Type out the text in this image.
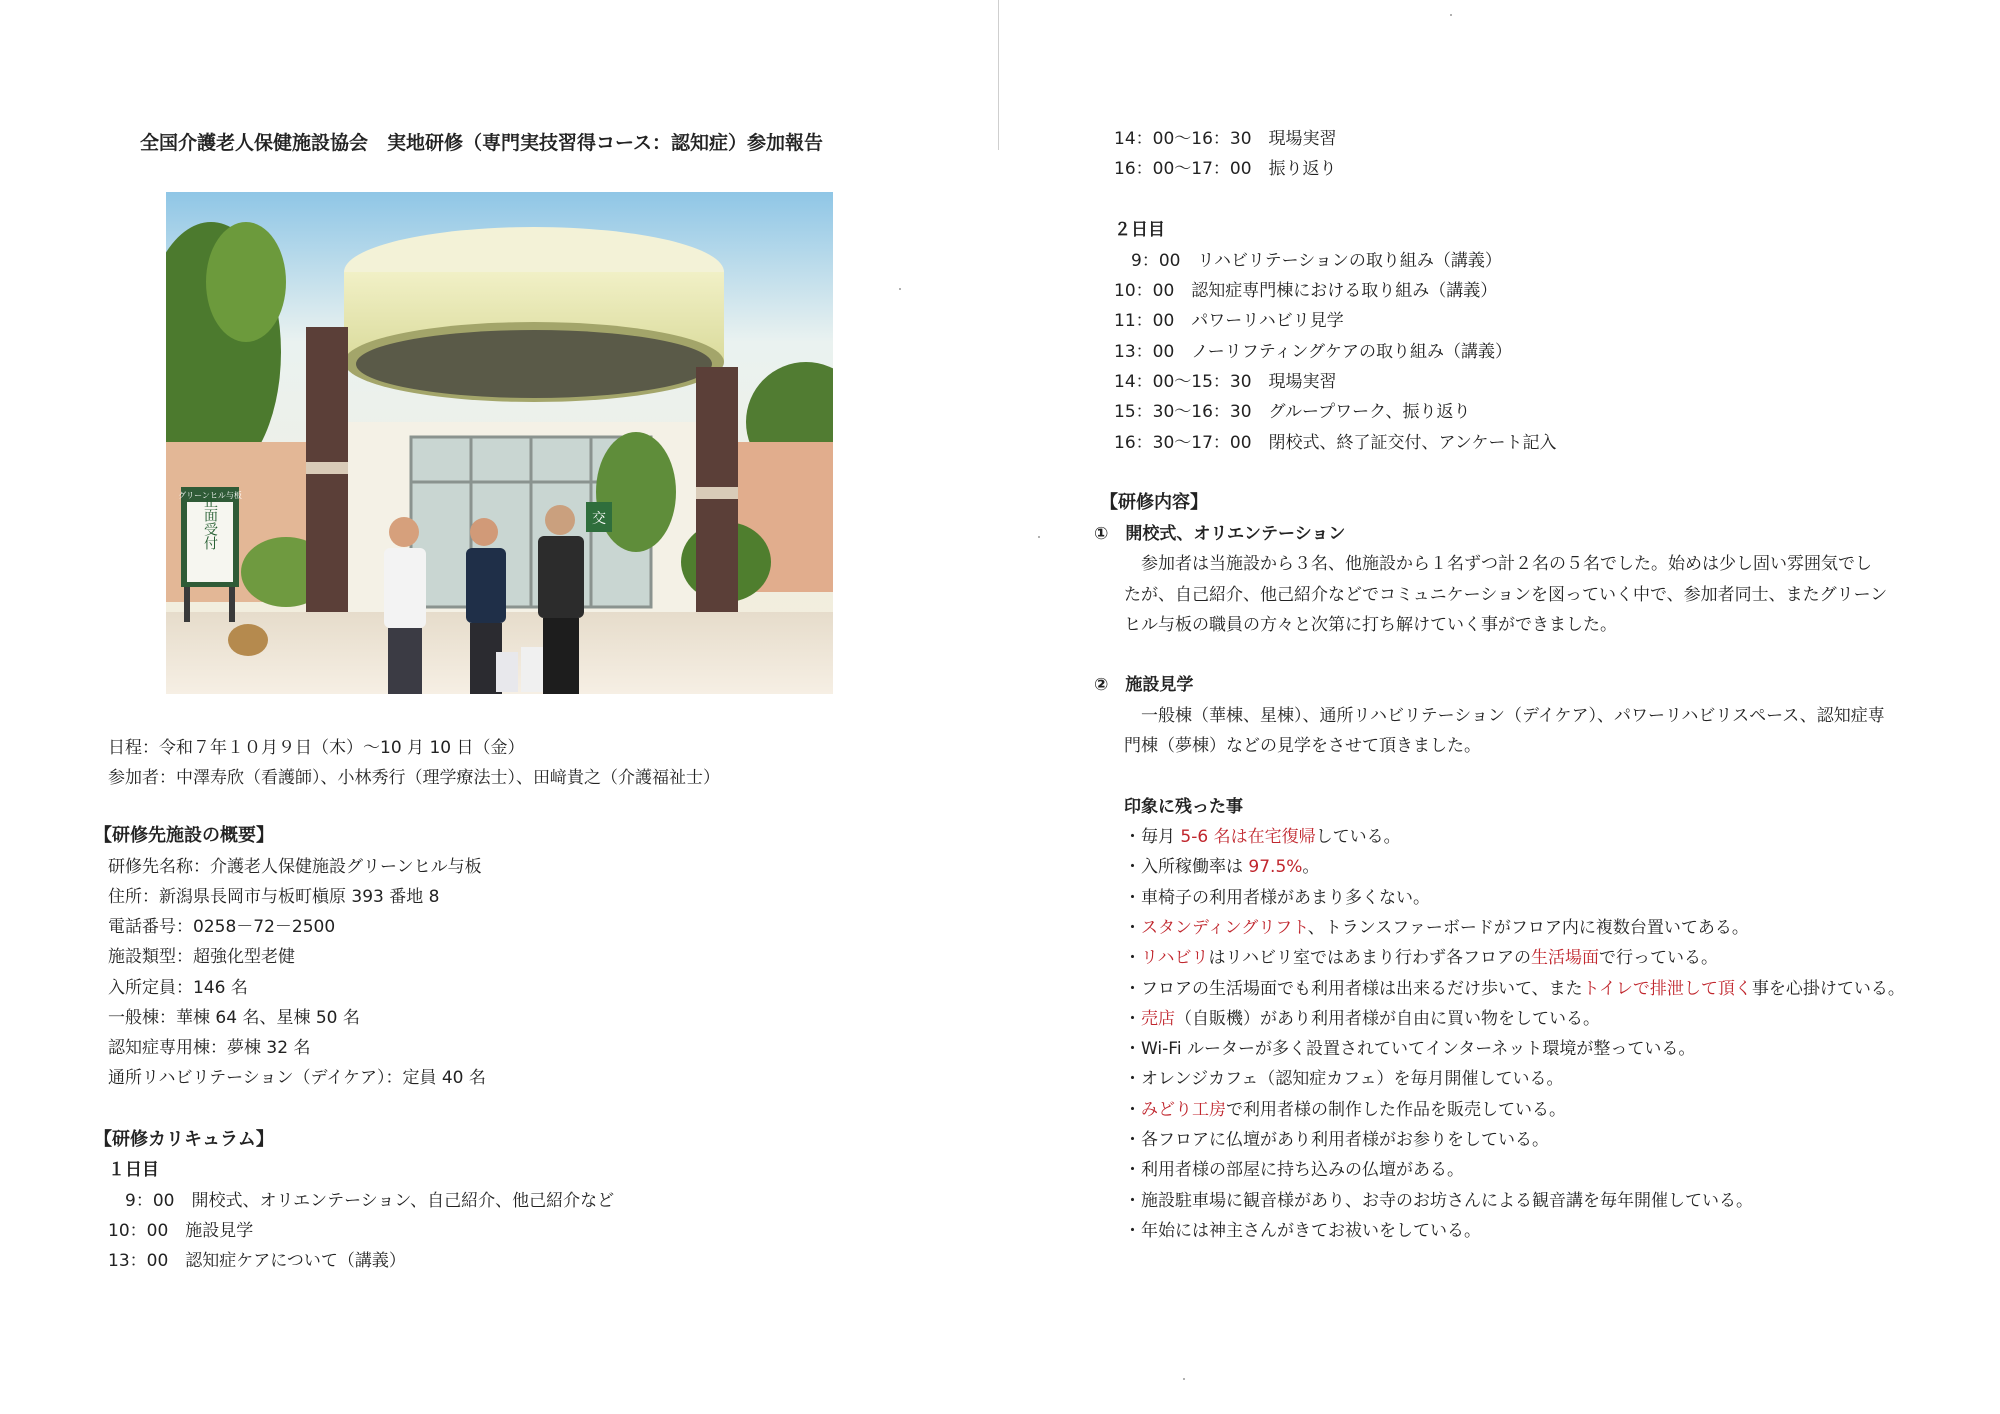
全国介護老人保健施設協会　実地研修（専門実技習得コース：認知症）参加報告
グリーンヒル与板
正面受付	交
日程：令和７年１０月９日（木）～10 月 10 日（金）
参加者：中澤寿欣（看護師）、小林秀行（理学療法士）、田﨑貴之（介護福祉士）
【研修先施設の概要】
研修先名称：介護老人保健施設グリーンヒル与板
住所：新潟県長岡市与板町槇原 393 番地 8
電話番号：0258－72－2500
施設類型：超強化型老健
入所定員：146 名
一般棟：華棟 64 名、星棟 50 名
認知症専用棟：夢棟 32 名
通所リハビリテーション（デイケア）：定員 40 名
【研修カリキュラム】
１日目
　9：00　開校式、オリエンテーション、自己紹介、他己紹介など
10：00　施設見学
13：00　認知症ケアについて（講義）
14：00～16：30　現場実習
16：00～17：00　振り返り
２日目
　9：00　リハビリテーションの取り組み（講義）
10：00　認知症専門棟における取り組み（講義）
11：00　パワーリハビリ見学
13：00　ノーリフティングケアの取り組み（講義）
14：00～15：30　現場実習
15：30～16：30　グループワーク、振り返り
16：30～17：00　閉校式、終了証交付、アンケート記入
【研修内容】
①　開校式、オリエンテーション
　参加者は当施設から３名、他施設から１名ずつ計２名の５名でした。始めは少し固い雰囲気でし
たが、自己紹介、他己紹介などでコミュニケーションを図っていく中で、参加者同士、またグリーン
ヒル与板の職員の方々と次第に打ち解けていく事ができました。
②　施設見学
　一般棟（華棟、星棟）、通所リハビリテーション（デイケア）、パワーリハビリスペース、認知症専
門棟（夢棟）などの見学をさせて頂きました。
印象に残った事
・毎月 5-6 名は在宅復帰している。
・入所稼働率は 97.5%。
・車椅子の利用者様があまり多くない。
・スタンディングリフト、トランスファーボードがフロア内に複数台置いてある。
・リハビリはリハビリ室ではあまり行わず各フロアの生活場面で行っている。
・フロアの生活場面でも利用者様は出来るだけ歩いて、またトイレで排泄して頂く事を心掛けている。
・売店（自販機）があり利用者様が自由に買い物をしている。
・Wi-Fi ルーターが多く設置されていてインターネット環境が整っている。
・オレンジカフェ（認知症カフェ）を毎月開催している。
・みどり工房で利用者様の制作した作品を販売している。
・各フロアに仏壇があり利用者様がお参りをしている。
・利用者様の部屋に持ち込みの仏壇がある。
・施設駐車場に観音様があり、お寺のお坊さんによる観音講を毎年開催している。
・年始には神主さんがきてお祓いをしている。
